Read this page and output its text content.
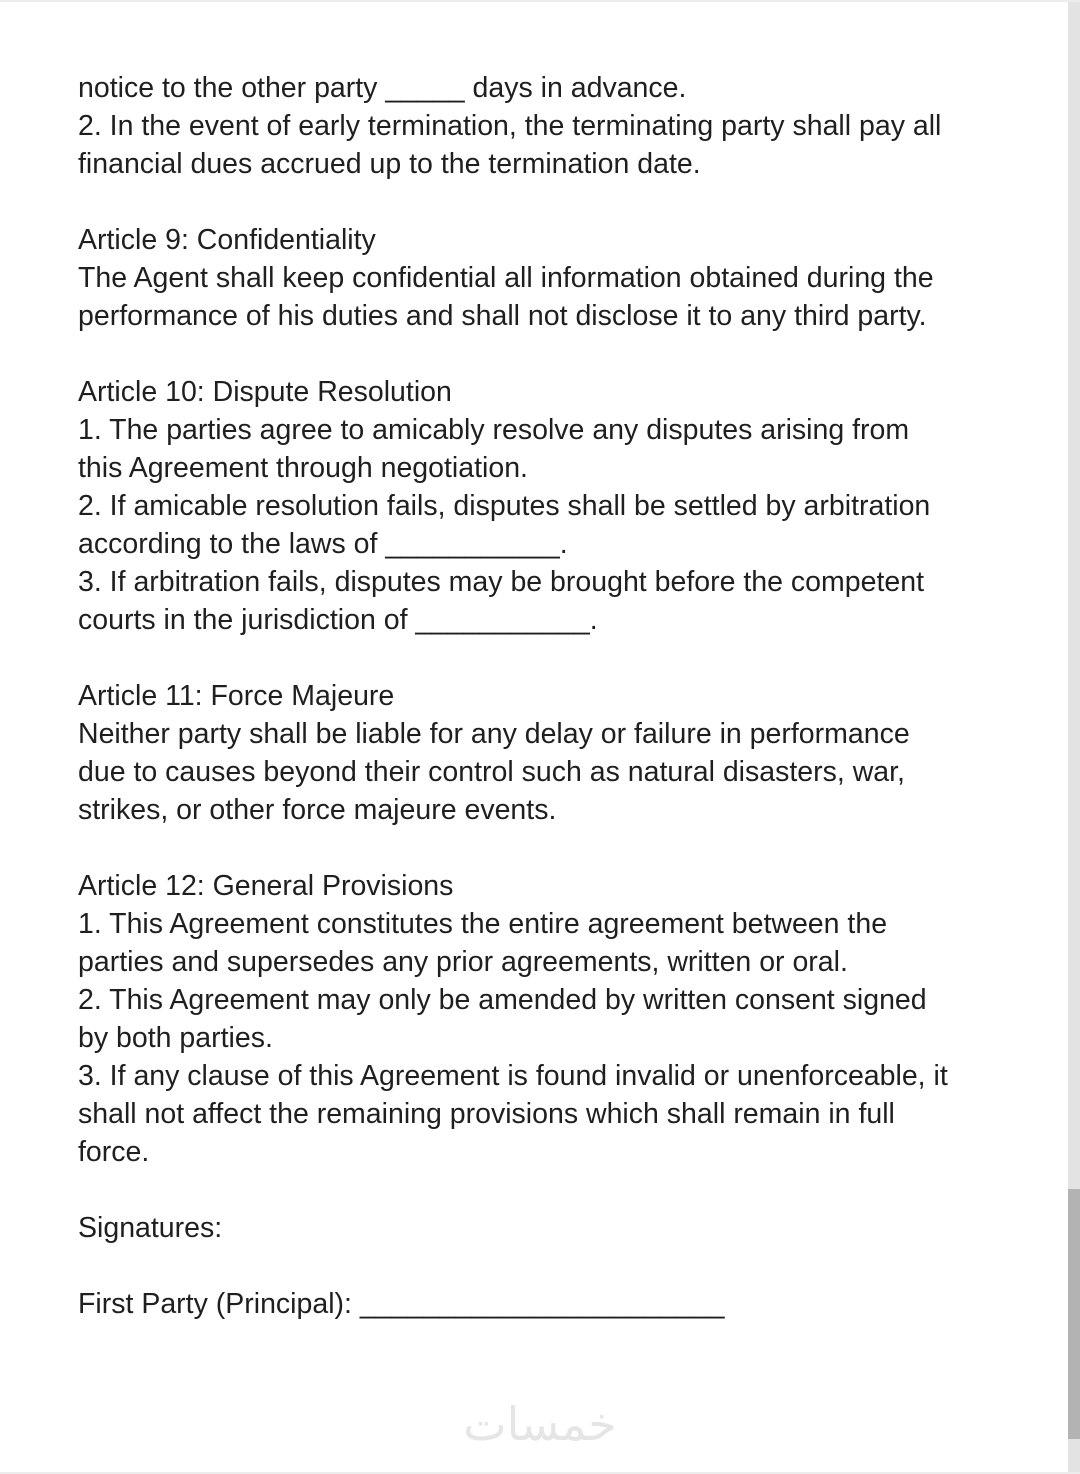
notice to the other party _____ days in advance.
2. In the event of early termination, the terminating party shall pay all
financial dues accrued up to the termination date.

Article 9: Confidentiality
The Agent shall keep confidential all information obtained during the
performance of his duties and shall not disclose it to any third party.

Article 10: Dispute Resolution
1. The parties agree to amicably resolve any disputes arising from
this Agreement through negotiation.
2. If amicable resolution fails, disputes shall be settled by arbitration
according to the laws of ___________.
3. If arbitration fails, disputes may be brought before the competent
courts in the jurisdiction of ___________.

Article 11: Force Majeure
Neither party shall be liable for any delay or failure in performance
due to causes beyond their control such as natural disasters, war,
strikes, or other force majeure events.

Article 12: General Provisions
1. This Agreement constitutes the entire agreement between the
parties and supersedes any prior agreements, written or oral.
2. This Agreement may only be amended by written consent signed
by both parties.
3. If any clause of this Agreement is found invalid or unenforceable, it
shall not affect the remaining provisions which shall remain in full
force.

Signatures:

First Party (Principal): _______________________
خمسات
